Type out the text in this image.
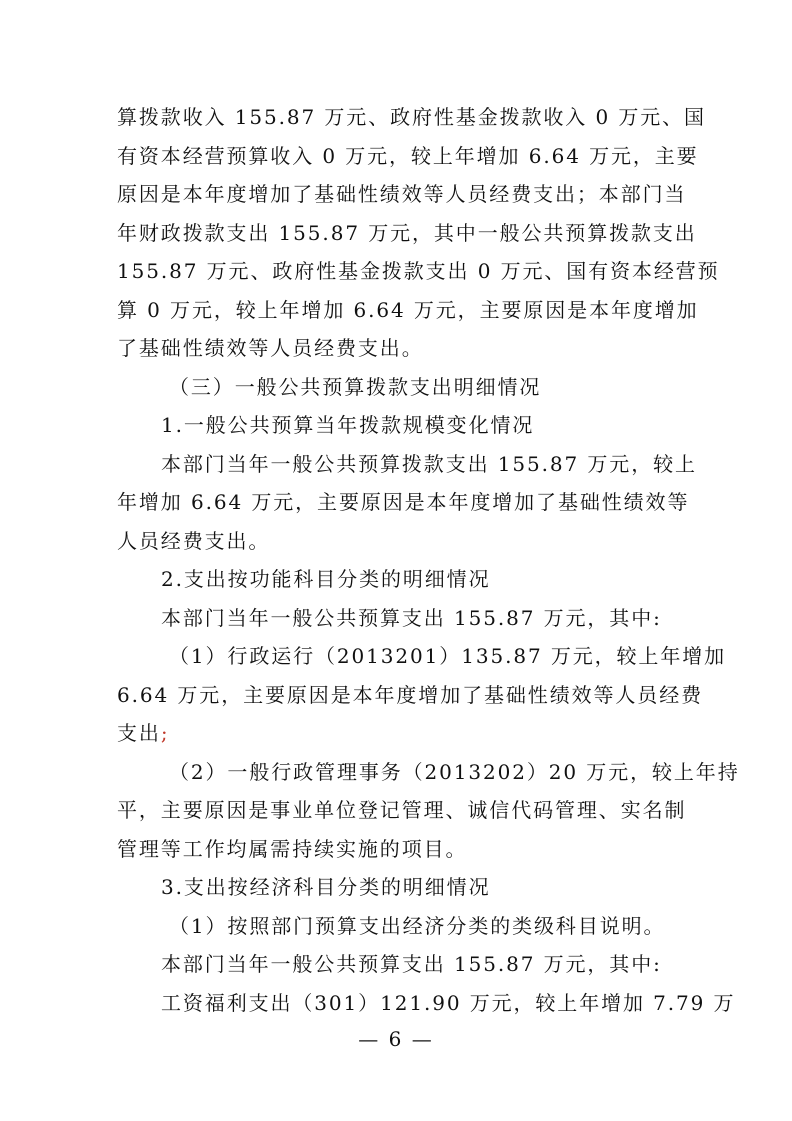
算拨款收入 155.87 万元、政府性基金拨款收入 0 万元、国
有资本经营预算收入 0 万元，较上年增加 6.64 万元，主要
原因是本年度增加了基础性绩效等人员经费支出；本部门当
年财政拨款支出 155.87 万元，其中一般公共预算拨款支出
155.87 万元、政府性基金拨款支出 0 万元、国有资本经营预
算 0 万元，较上年增加 6.64 万元，主要原因是本年度增加
了基础性绩效等人员经费支出。
（三）一般公共预算拨款支出明细情况
1.一般公共预算当年拨款规模变化情况
本部门当年一般公共预算拨款支出 155.87 万元，较上
年增加 6.64 万元，主要原因是本年度增加了基础性绩效等
人员经费支出。
2.支出按功能科目分类的明细情况
本部门当年一般公共预算支出 155.87 万元，其中:
（1）行政运行（2013201）135.87 万元，较上年增加
6.64 万元，主要原因是本年度增加了基础性绩效等人员经费
支出;
（2）一般行政管理事务（2013202）20 万元，较上年持
平，主要原因是事业单位登记管理、诚信代码管理、实名制
管理等工作均属需持续实施的项目。
3.支出按经济科目分类的明细情况
（1）按照部门预算支出经济分类的类级科目说明。
本部门当年一般公共预算支出 155.87 万元，其中:
工资福利支出（301）121.90 万元，较上年增加 7.79 万
— 6 —
